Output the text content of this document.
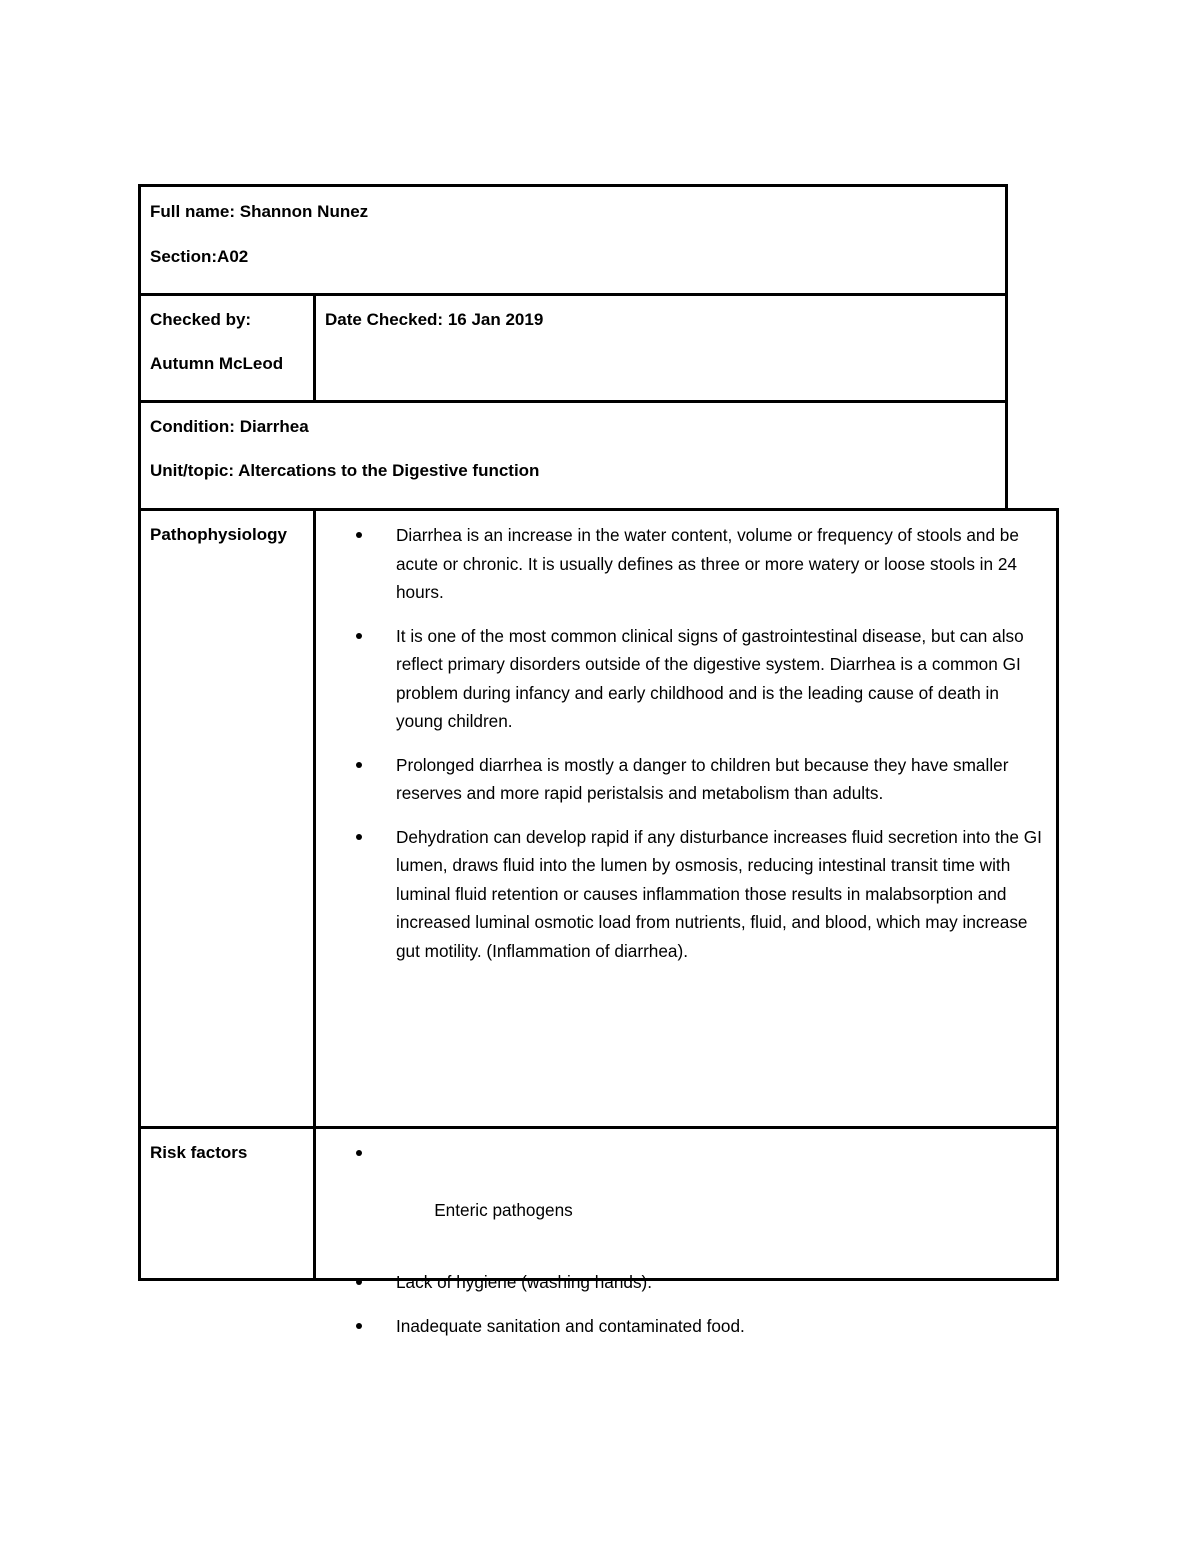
Full name: Shannon Nunez
Section:A02
Checked by:
Autumn McLeod
Date Checked: 16 Jan 2019
Condition: Diarrhea
Unit/topic: Altercations to the Digestive function
Pathophysiology	Diarrhea is an increase in the water content, volume or frequency of stools and be acute or chronic. It is usually defines as three or more watery or loose stools in 24 hours.
It is one of the most common clinical signs of gastrointestinal disease, but can also reflect primary disorders outside of the digestive system. Diarrhea is a common GI problem during infancy and early childhood and is the leading cause of death in young children.
Prolonged diarrhea is mostly a danger to children but because they have smaller reserves and more rapid peristalsis and metabolism than adults.
Dehydration can develop rapid if any disturbance increases fluid secretion into the GI lumen, draws fluid into the lumen by osmosis, reducing intestinal transit time with luminal fluid retention or causes inflammation those results in malabsorption and increased luminal osmotic load from nutrients, fluid, and blood, which may increase gut motility. (Inflammation of diarrhea).
Risk factors

Enteric pathogens

Lack of hygiene (washing hands).
Inadequate sanitation and contaminated food.
